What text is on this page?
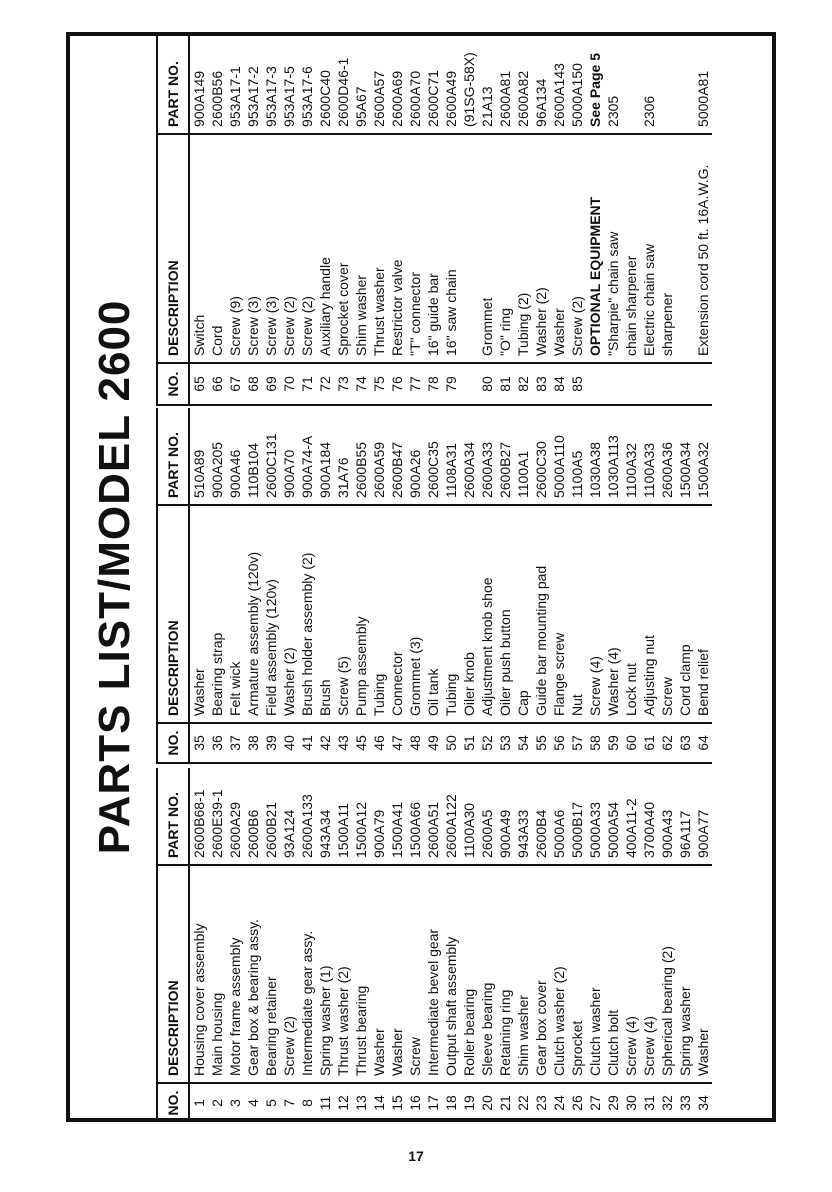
PARTS LIST/MODEL 2600
NO.	DESCRIPTION	PART NO.
1	Housing cover assembly	2600B68-1
2	Main housing	2600E39-1
3	Motor frame assembly	2600A29
4	Gear box & bearing assy.	2600B6
5	Bearing retainer	2600B21
7	Screw (2)	93A124
8	Intermediate gear assy.	2600A133
11	Spring washer (1)	943A34
12	Thrust washer (2)	1500A11
13	Thrust bearing	1500A12
14	Washer	900A79
15	Washer	1500A41
16	Screw	1500A66
17	Intermediate bevel gear	2600A51
18	Output shaft assembly	2600A122
19	Roller bearing	1100A30
20	Sleeve bearing	2600A5
21	Retaining ring	900A49
22	Shim washer	943A33
23	Gear box cover	2600B4
24	Clutch washer (2)	5000A6
26	Sprocket	5000B17
27	Clutch washer	5000A33
29	Clutch bolt	5000A54
30	Screw (4)	400A11-2
31	Screw (4)	3700A40
32	Spherical bearing (2)	900A43
33	Spring washer	96A117
34	Washer	900A77
NO.	DESCRIPTION	PART NO.
35	Washer	510A89
36	Bearing strap	900A205
37	Felt wick	900A46
38	Armature assembly (120v)	110B104
39	Field assembly (120v)	2600C131
40	Washer (2)	900A70
41	Brush holder assembly (2)	900A74-A
42	Brush	900A184
43	Screw (5)	31A76
45	Pump assembly	2600B55
46	Tubing	2600A59
47	Connector	2600B47
48	Grommet (3)	900A26
49	Oil tank	2600C35
50	Tubing	1108A31
51	Oiler knob	2600A34
52	Adjustment knob shoe	2600A33
53	Oiler push button	2600B27
54	Cap	1100A1
55	Guide bar mounting pad	2600C30
56	Flange screw	5000A110
57	Nut	1100A5
58	Screw (4)	1030A38
59	Washer (4)	1030A113
60	Lock nut	1100A32
61	Adjusting nut	1100A33
62	Screw	2600A36
63	Cord clamp	1500A34
64	Bend relief	1500A32
NO.	DESCRIPTION	PART NO.
65	Switch	900A149
66	Cord	2600B56
67	Screw (9)	953A17-1
68	Screw (3)	953A17-2
69	Screw (3)	953A17-3
70	Screw (2)	953A17-5
71	Screw (2)	953A17-6
72	Auxiliary handle	2600C40
73	Sprocket cover	2600D46-1
74	Shim washer	95A67
75	Thrust washer	2600A57
76	Restrictor valve	2600A69
77	"T" connector	2600A70
78	16" guide bar	2600C71
79	16" saw chain	2600A49
		(91SG-58X)
80	Grommet	21A13
81	"O" ring	2600A81
82	Tubing (2)	2600A82
83	Washer (2)	96A134
84	Washer	2600A143
85	Screw (2)	5000A150
	OPTIONAL EQUIPMENT	See Page 5
	"Sharpie" chain saw	2305
	chain sharpener	
	Electric chain saw	2306
	sharpener	

	Extension cord 50 ft. 16A.W.G.	5000A81
17
